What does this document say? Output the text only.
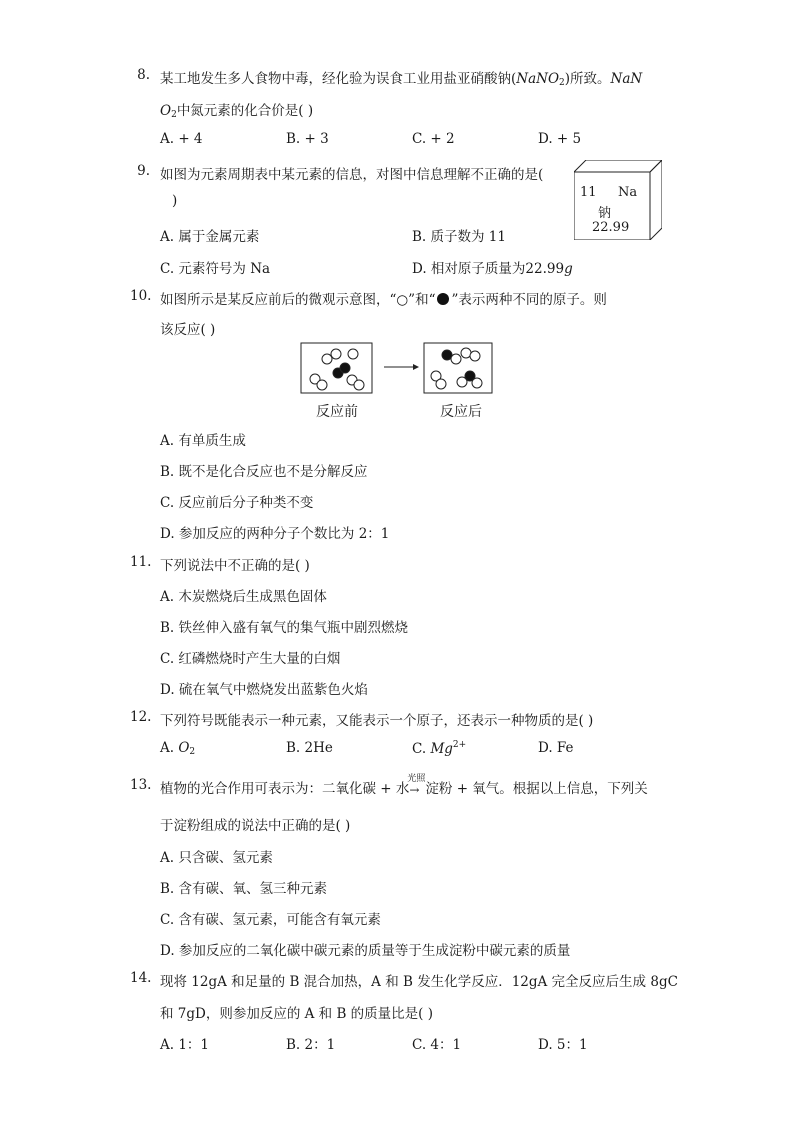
8. 某工地发生多人食物中毒，经化验为误食工业用盐亚硝酸钠(NaNO$_2$)所致。NaN
$O_2$中氮元素的化合价是( )
A. + 4	B. + 3	C. + 2	D. + 5
9. 如图为元素周期表中某元素的信息，对图中信息理解不正确的是(
)
11 Na
钠
22.99
A. 属于金属元素	B. 质子数为 11
C. 元素符号为 Na	D. 相对原子质量为22.99g
10. 如图所示是某反应前后的微观示意图，“○”和“ ”表示两种不同的原子。则
该反应( )
反应前	反应后
A. 有单质生成
B. 既不是化合反应也不是分解反应
C. 反应前后分子种类不变
D. 参加反应的两种分子个数比为 2：1
11. 下列说法中不正确的是( )
A. 木炭燃烧后生成黑色固体
B. 铁丝伸入盛有氧气的集气瓶中剧烈燃烧
C. 红磷燃烧时产生大量的白烟
D. 硫在氧气中燃烧发出蓝紫色火焰
12. 下列符号既能表示一种元素，又能表示一个原子，还表示一种物质的是( )
A. $O_2$	B. 2He	C. $Mg^{2+}$	D. Fe
13. 植物的光合作用可表示为：二氧化碳 + 水
光照
→ 淀粉 + 氧气。根据以上信息，下列关
于淀粉组成的说法中正确的是( )
A. 只含碳、氢元素
B. 含有碳、氧、氢三种元素
C. 含有碳、氢元素，可能含有氧元素
D. 参加反应的二氧化碳中碳元素的质量等于生成淀粉中碳元素的质量
14. 现将 12gA 和足量的 B 混合加热，A 和 B 发生化学反应．12gA 完全反应后生成 8gC
和 7gD，则参加反应的 A 和 B 的质量比是( )
A. 1：1	B. 2：1	C. 4：1	D. 5：1
